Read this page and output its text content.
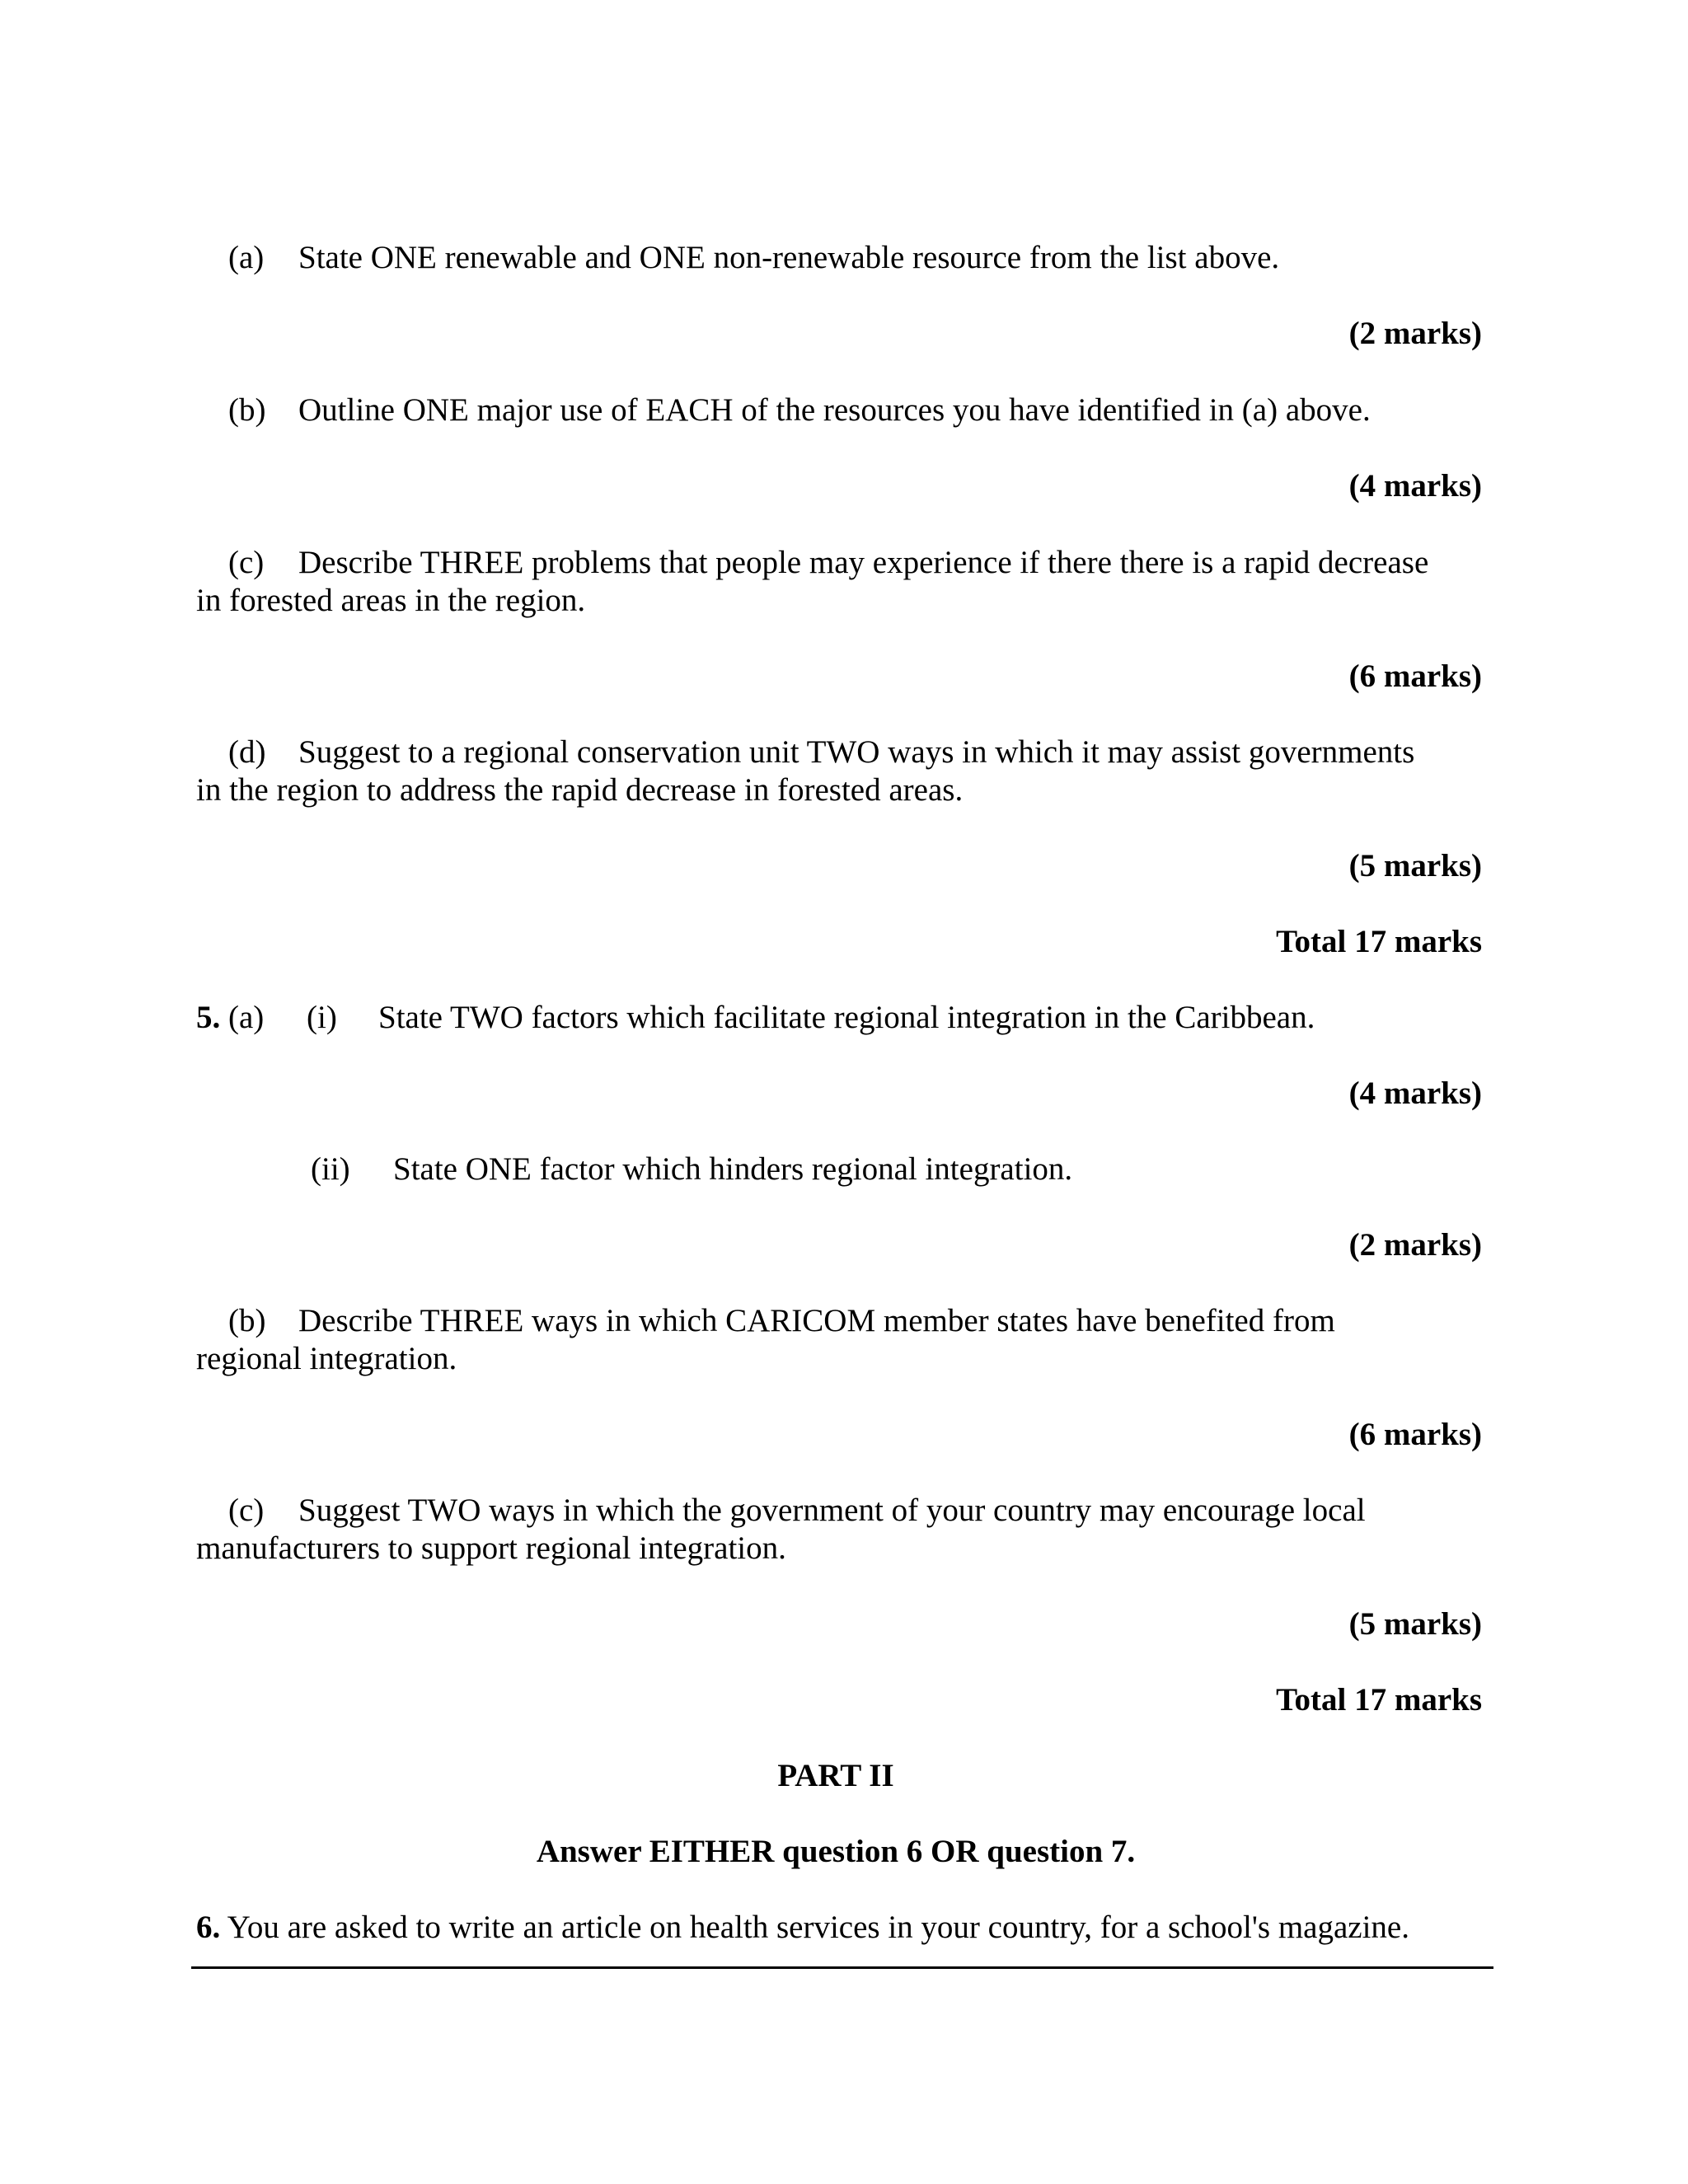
(a) State ONE renewable and ONE non-renewable resource from the list above.
(2 marks)
(b) Outline ONE major use of EACH of the resources you have identified in (a) above.
(4 marks)
(c) Describe THREE problems that people may experience if there there is a rapid decrease
in forested areas in the region.
(6 marks)
(d) Suggest to a regional conservation unit TWO ways in which it may assist governments
in the region to address the rapid decrease in forested areas.
(5 marks)
Total 17 marks
5. (a) (i) State TWO factors which facilitate regional integration in the Caribbean.
(4 marks)
(ii) State ONE factor which hinders regional integration.
(2 marks)
(b) Describe THREE ways in which CARICOM member states have benefited from
regional integration.
(6 marks)
(c) Suggest TWO ways in which the government of your country may encourage local
manufacturers to support regional integration.
(5 marks)
Total 17 marks
PART II
Answer EITHER question 6 OR question 7.
6. You are asked to write an article on health services in your country, for a school's magazine.
